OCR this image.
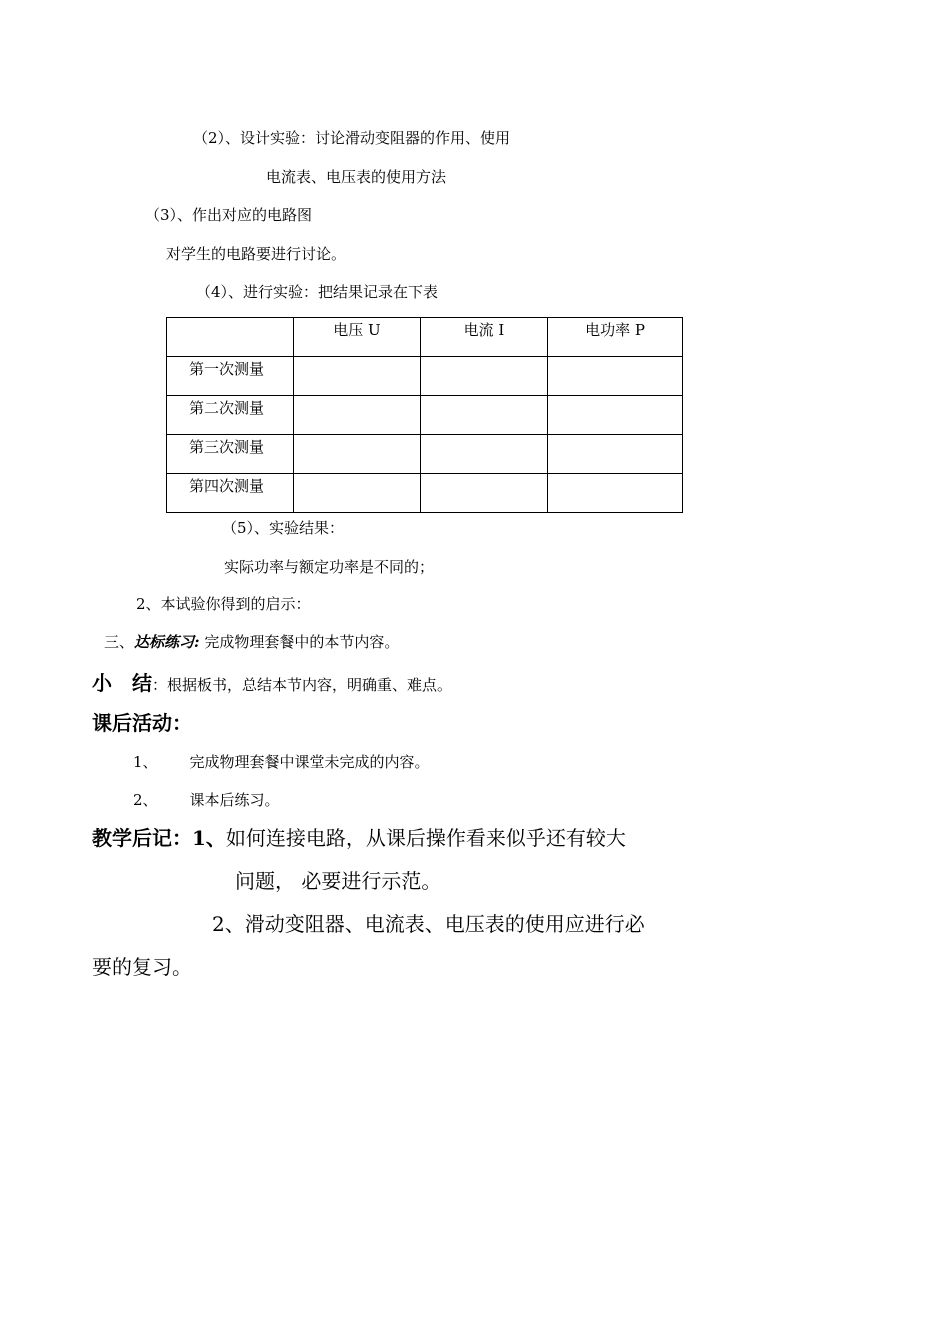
（2）、设计实验：讨论滑动变阻器的作用、使用
电流表、电压表的使用方法
（3）、作出对应的电路图
对学生的电路要进行讨论。
（4）、进行实验：把结果记录在下表
	电压 U	电流 I	电功率 P
第一次测量			
第二次测量			
第三次测量			
第四次测量			
（5）、实验结果：
实际功率与额定功率是不同的；
2、本试验你得到的启示：
三、达标练习: 完成物理套餐中的本节内容。
小　结：根据板书，总结本节内容，明确重、难点。
课后活动：
1、 完成物理套餐中课堂未完成的内容。
2、 课本后练习。
教学后记：1、如何连接电路，从课后操作看来似乎还有较大
问题， 必要进行示范。
2、滑动变阻器、电流表、电压表的使用应进行必
要的复习。
